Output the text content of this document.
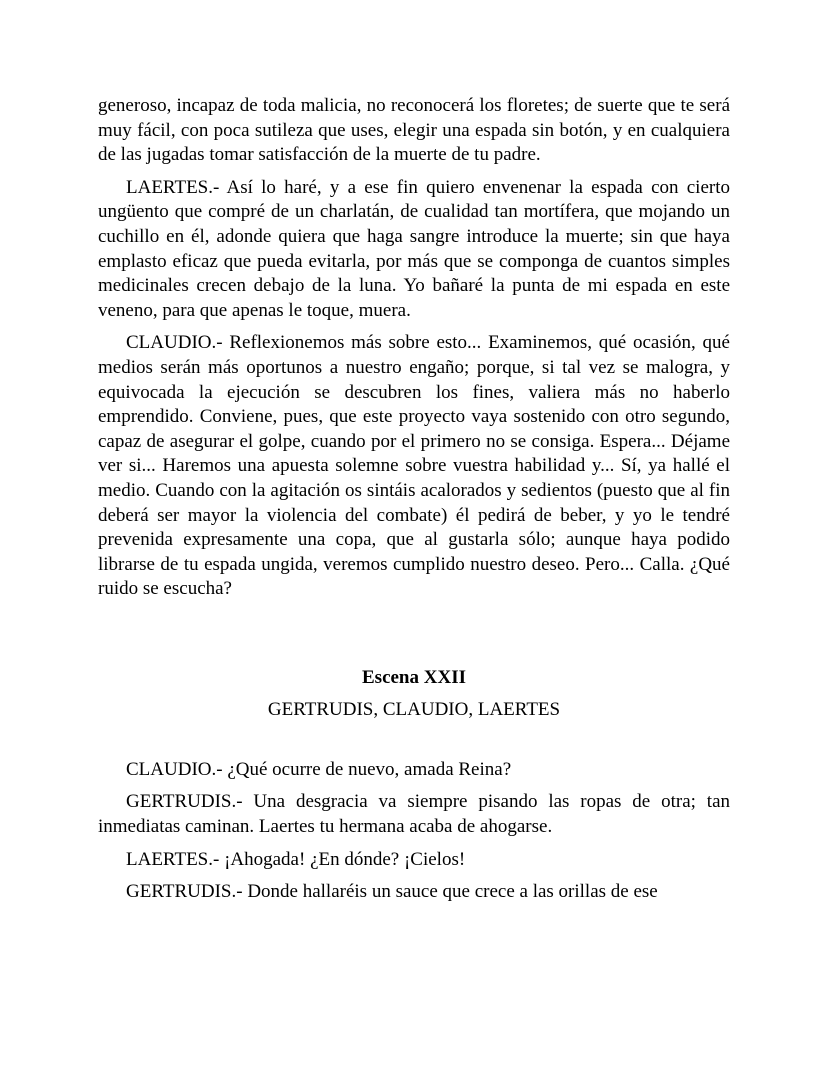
generoso, incapaz de toda malicia, no reconocerá los floretes; de suerte que te será muy fácil, con poca sutileza que uses, elegir una espada sin botón, y en cualquiera de las jugadas tomar satisfacción de la muerte de tu padre.

LAERTES.- Así lo haré, y a ese fin quiero envenenar la espada con cierto ungüento que compré de un charlatán, de cualidad tan mortífera, que mojando un cuchillo en él, adonde quiera que haga sangre introduce la muerte; sin que haya emplasto eficaz que pueda evitarla, por más que se componga de cuantos simples medicinales crecen debajo de la luna. Yo bañaré la punta de mi espada en este veneno, para que apenas le toque, muera.

CLAUDIO.- Reflexionemos más sobre esto... Examinemos, qué ocasión, qué medios serán más oportunos a nuestro engaño; porque, si tal vez se malogra, y equivocada la ejecución se descubren los fines, valiera más no haberlo emprendido. Conviene, pues, que este proyecto vaya sostenido con otro segundo, capaz de asegurar el golpe, cuando por el primero no se consiga. Espera... Déjame ver si... Haremos una apuesta solemne sobre vuestra habilidad y... Sí, ya hallé el medio. Cuando con la agitación os sintáis acalorados y sedientos (puesto que al fin deberá ser mayor la violencia del combate) él pedirá de beber, y yo le tendré prevenida expresamente una copa, que al gustarla sólo; aunque haya podido librarse de tu espada ungida, veremos cumplido nuestro deseo. Pero... Calla. ¿Qué ruido se escucha?

Escena XXII
GERTRUDIS, CLAUDIO, LAERTES

CLAUDIO.- ¿Qué ocurre de nuevo, amada Reina?

GERTRUDIS.- Una desgracia va siempre pisando las ropas de otra; tan inmediatas caminan. Laertes tu hermana acaba de ahogarse.

LAERTES.- ¡Ahogada! ¿En dónde? ¡Cielos!

GERTRUDIS.- Donde hallaréis un sauce que crece a las orillas de ese
